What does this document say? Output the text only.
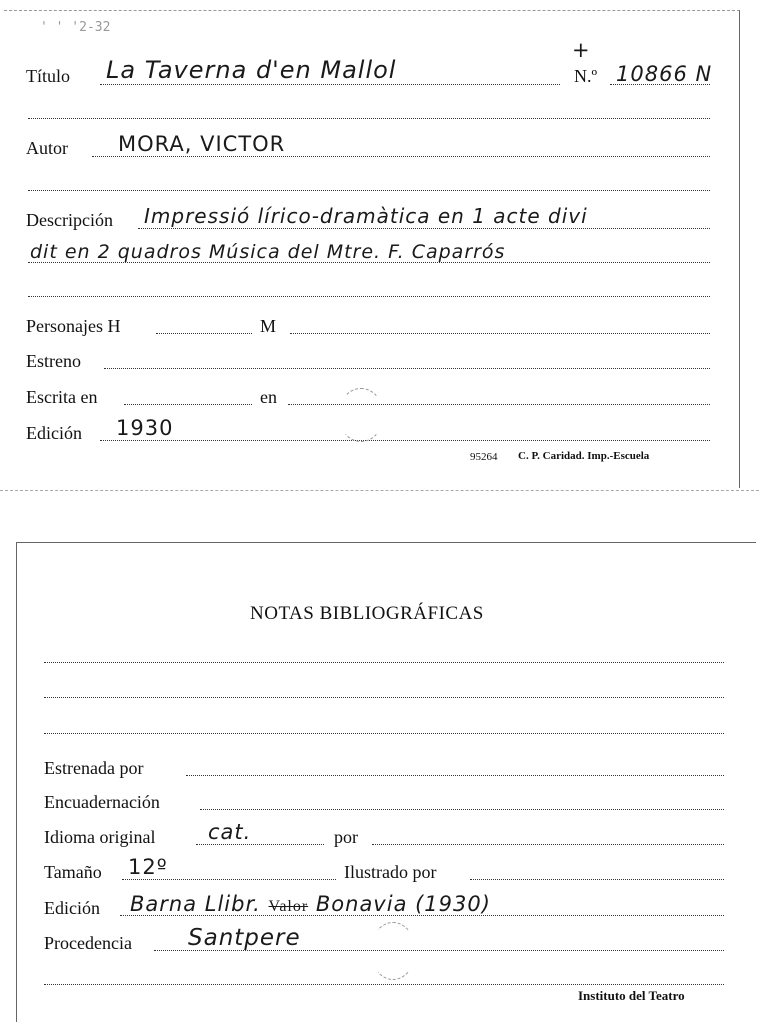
' ' '2-32
Título La Taverna d'en Mallol
+
N.º 10866 N
Autor MORA, VICTOR
Descripción Impressió lírico-dramàtica en 1 acte divi
dit en 2 quadros Música del Mtre. F. Caparrós
Personajes H	M
Estreno
Escrita en	en
Edición 1930
95264 C. P. Caridad. Imp.-Escuela
NOTAS BIBLIOGRÁFICAS
Estrenada por
Encuadernación
Idioma original	cat.	por
Tamaño 12º	Ilustrado por
Edición Barna Llibr. Valor Bonavia (1930)
Procedencia Santpere
Instituto del Teatro
